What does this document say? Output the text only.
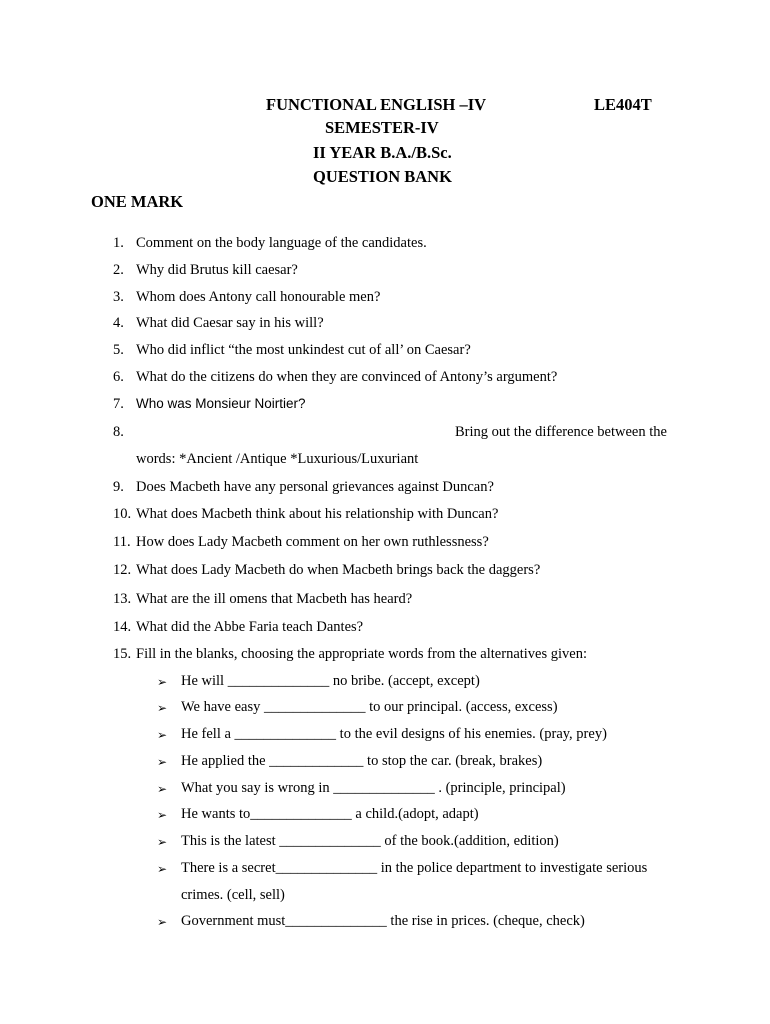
FUNCTIONAL ENGLISH –IV	LE404T
SEMESTER-IV
II YEAR B.A./B.Sc.
QUESTION BANK
ONE MARK
1. Comment on the body language of the candidates.
2. Why did Brutus kill caesar?
3. Whom does Antony call honourable men?
4. What did Caesar say in his will?
5. Who did inflict “the most unkindest cut of all’ on Caesar?
6. What do the citizens do when they are convinced of Antony’s argument?
7. Who was Monsieur Noirtier?
8.	Bring out the difference between the
words: *Ancient /Antique *Luxurious/Luxuriant
9. Does Macbeth have any personal grievances against Duncan?
10. What does Macbeth think about his relationship with Duncan?
11. How does Lady Macbeth comment on her own ruthlessness?
12. What does Lady Macbeth do when Macbeth brings back the daggers?
13. What are the ill omens that Macbeth has heard?
14. What did the Abbe Faria teach Dantes?
15. Fill in the blanks, choosing the appropriate words from the alternatives given:
➢ He will ______________ no bribe. (accept, except)
➢ We have easy ______________ to our principal. (access, excess)
➢ He fell a ______________ to the evil designs of his enemies. (pray, prey)
➢ He applied the _____________ to stop the car. (break, brakes)
➢ What you say is wrong in ______________ . (principle, principal)
➢ He wants to______________ a child.(adopt, adapt)
➢ This is the latest ______________ of the book.(addition, edition)
➢ There is a secret______________ in the police department to investigate serious
crimes. (cell, sell)
➢ Government must______________ the rise in prices. (cheque, check)
